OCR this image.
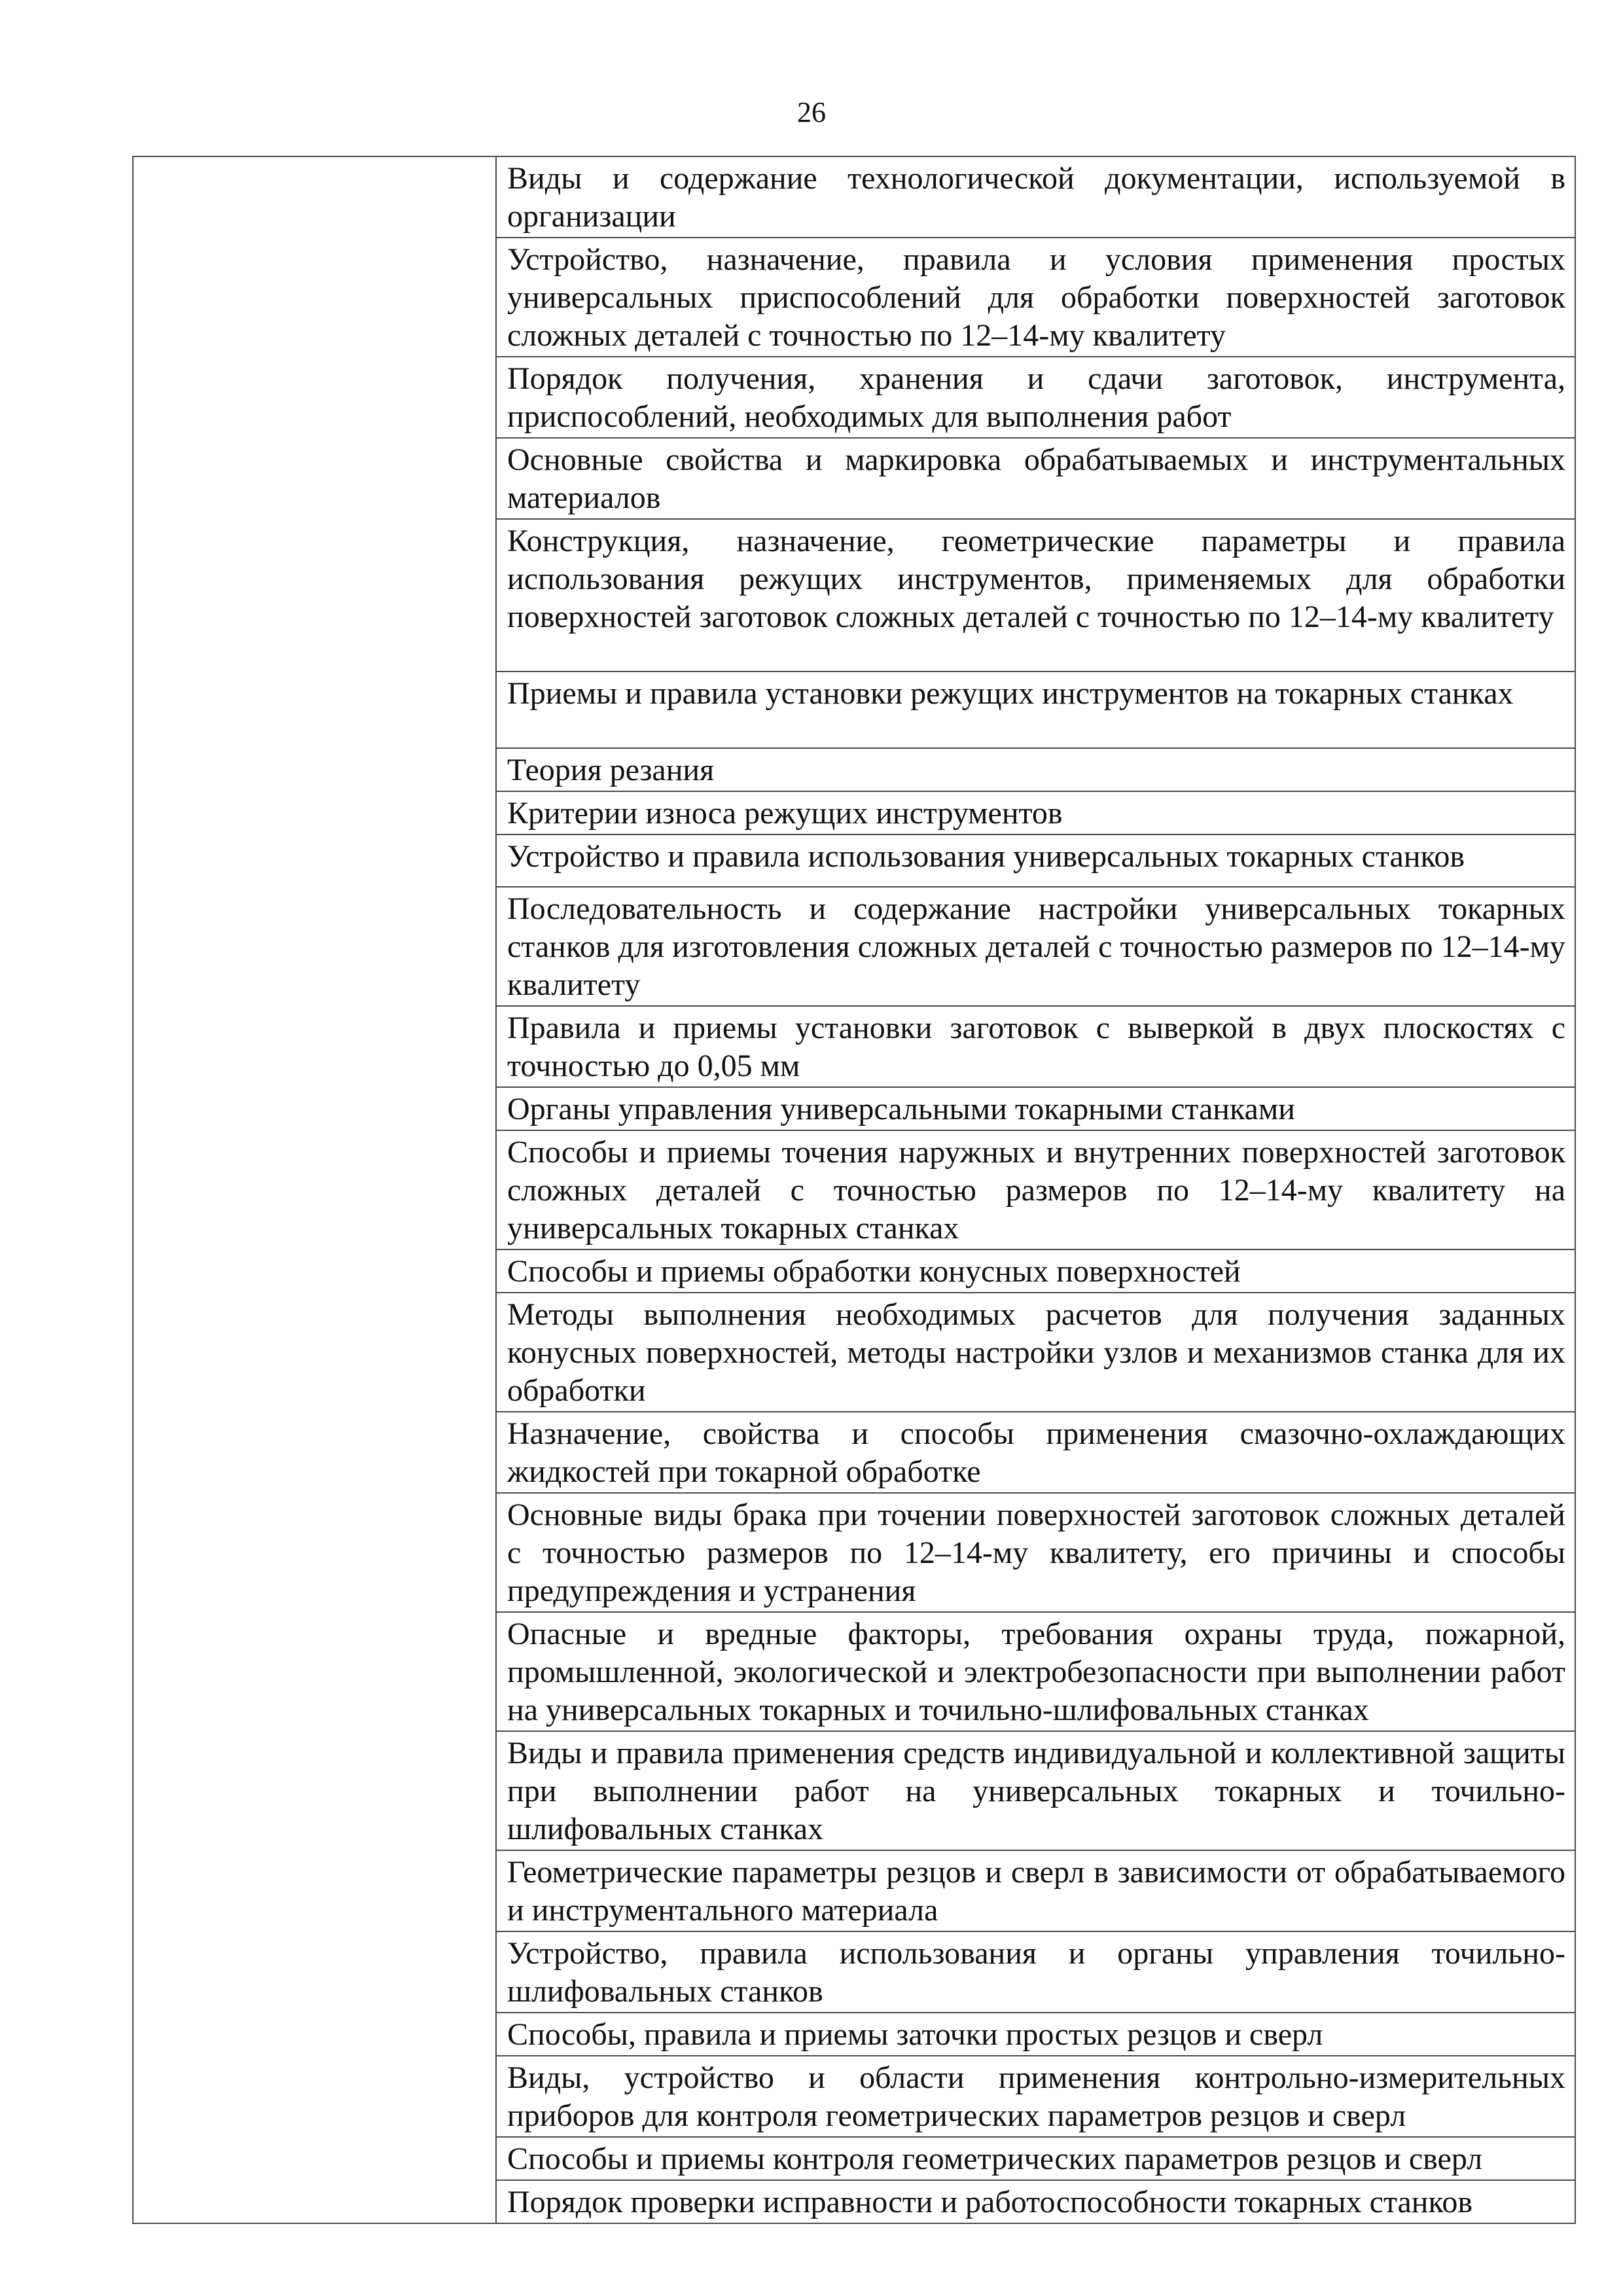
26

Виды и содержание технологической документации, используемой в организации

Устройство, назначение, правила и условия применения простых универсальных приспособлений для обработки поверхностей заготовок сложных деталей с точностью по 12–14-му квалитету

Порядок получения, хранения и сдачи заготовок, инструмента, приспособлений, необходимых для выполнения работ

Основные свойства и маркировка обрабатываемых и инструментальных материалов

Конструкция, назначение, геометрические параметры и правила использования режущих инструментов, применяемых для обработки поверхностей заготовок сложных деталей с точностью по 12–14-му квалитету

Приемы и правила установки режущих инструментов на токарных станках

Теория резания

Критерии износа режущих инструментов

Устройство и правила использования универсальных токарных станков

Последовательность и содержание настройки универсальных токарных станков для изготовления сложных деталей с точностью размеров по 12–14-му квалитету

Правила и приемы установки заготовок с выверкой в двух плоскостях с точностью до 0,05 мм

Органы управления универсальными токарными станками

Способы и приемы точения наружных и внутренних поверхностей заготовок сложных деталей с точностью размеров по 12–14-му квалитету на универсальных токарных станках

Способы и приемы обработки конусных поверхностей

Методы выполнения необходимых расчетов для получения заданных конусных поверхностей, методы настройки узлов и механизмов станка для их обработки

Назначение, свойства и способы применения смазочно-охлаждающих жидкостей при токарной обработке

Основные виды брака при точении поверхностей заготовок сложных деталей с точностью размеров по 12–14-му квалитету, его причины и способы предупреждения и устранения

Опасные и вредные факторы, требования охраны труда, пожарной, промышленной, экологической и электробезопасности при выполнении работ на универсальных токарных и точильно-шлифовальных станках

Виды и правила применения средств индивидуальной и коллективной защиты при выполнении работ на универсальных токарных и точильно-шлифовальных станках

Геометрические параметры резцов и сверл в зависимости от обрабатываемого и инструментального материала

Устройство, правила использования и органы управления точильно-шлифовальных станков

Способы, правила и приемы заточки простых резцов и сверл

Виды, устройство и области применения контрольно-измерительных приборов для контроля геометрических параметров резцов и сверл

Способы и приемы контроля геометрических параметров резцов и сверл

Порядок проверки исправности и работоспособности токарных станков
